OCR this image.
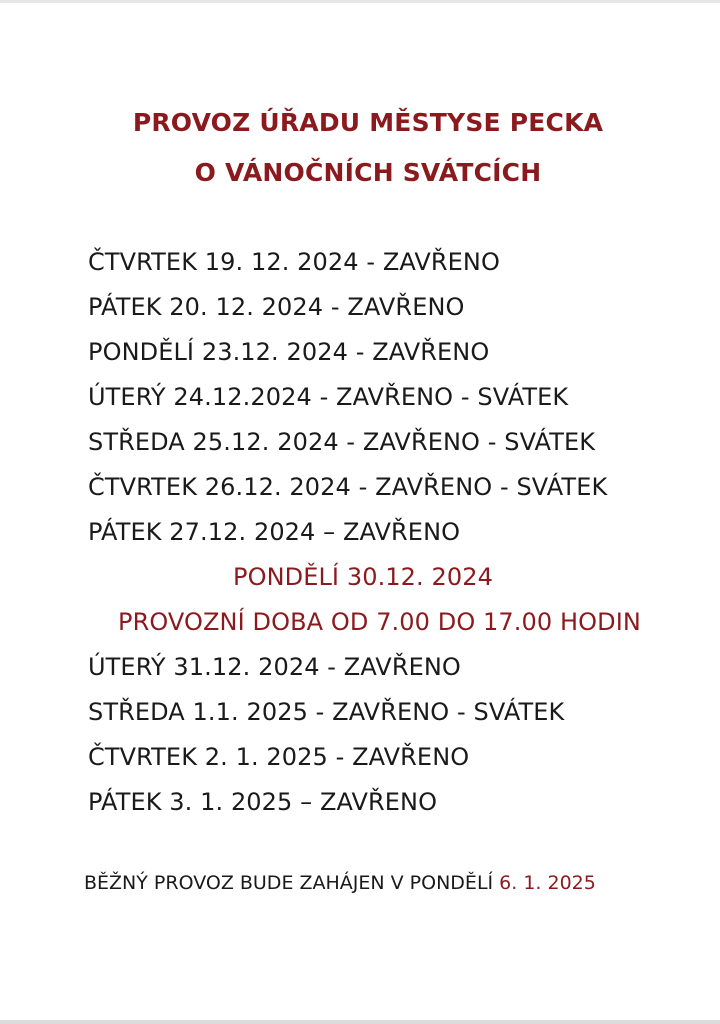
PROVOZ ÚŘADU MĚSTYSE PECKA
O VÁNOČNÍCH SVÁTCÍCH
ČTVRTEK 19. 12. 2024 - ZAVŘENO
PÁTEK 20. 12. 2024 - ZAVŘENO
PONDĚLÍ 23.12. 2024 - ZAVŘENO
ÚTERÝ 24.12.2024 - ZAVŘENO - SVÁTEK
STŘEDA 25.12. 2024 - ZAVŘENO - SVÁTEK
ČTVRTEK 26.12. 2024 - ZAVŘENO - SVÁTEK
PÁTEK 27.12. 2024 – ZAVŘENO
PONDĚLÍ 30.12. 2024
PROVOZNÍ DOBA OD 7.00 DO 17.00 HODIN
ÚTERÝ 31.12. 2024 - ZAVŘENO
STŘEDA 1.1. 2025 - ZAVŘENO - SVÁTEK
ČTVRTEK 2. 1. 2025 - ZAVŘENO
PÁTEK 3. 1. 2025 – ZAVŘENO
BĚŽNÝ PROVOZ BUDE ZAHÁJEN V PONDĚLÍ 6. 1. 2025
